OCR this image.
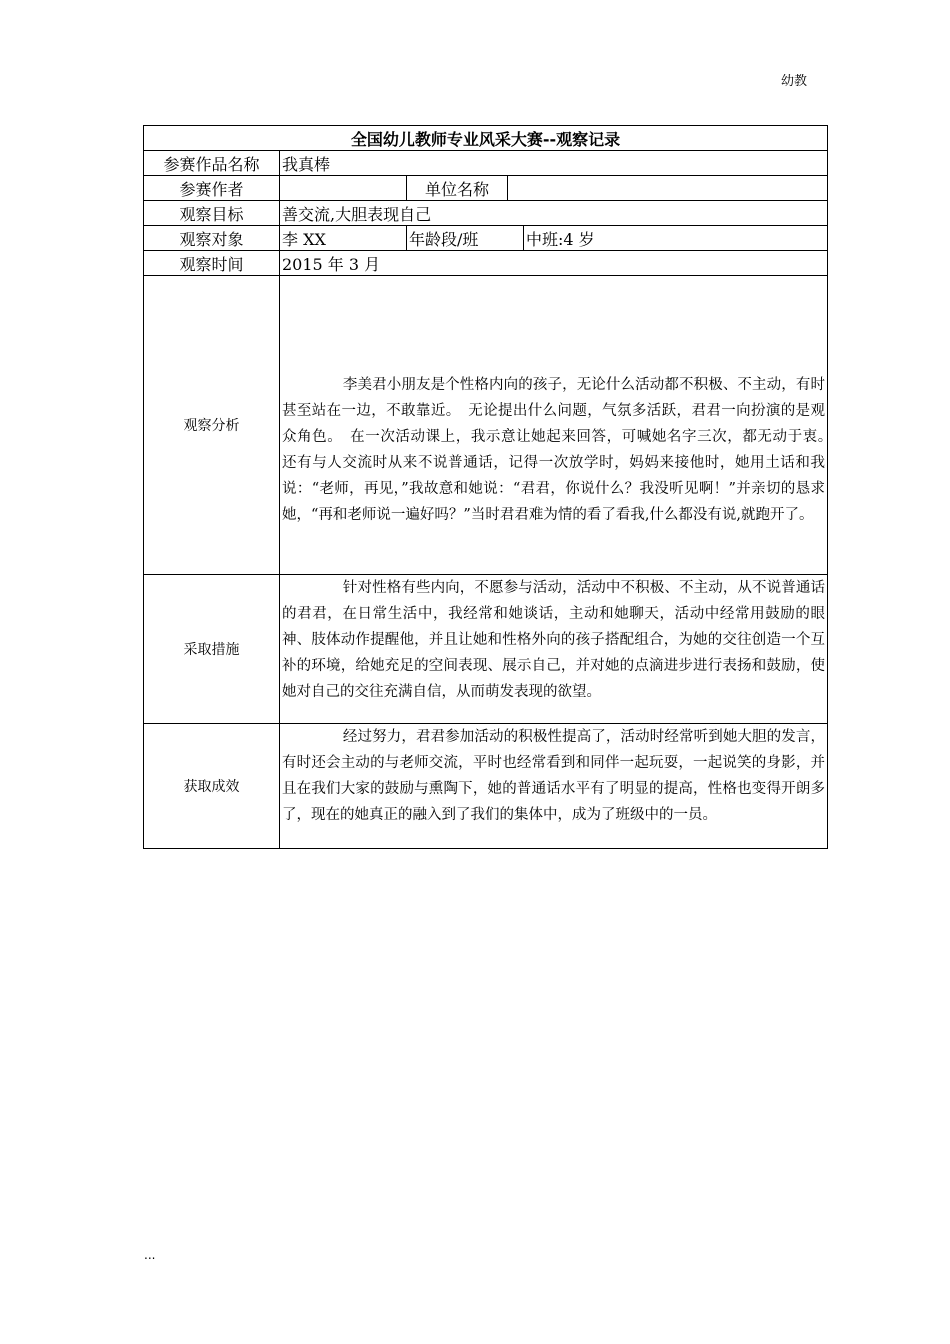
幼教
全国幼儿教师专业风采大赛--观察记录				
参赛作品名称	我真棒			
参赛作者		单位名称		
观察目标	善交流,大胆表现自己			
观察对象	李 XX	年龄段/班		中班:4 岁
观察时间	2015 年 3 月			
观察分析	李美君小朋友是个性格内向的孩子，无论什么活动都不积极、不主动，有时甚至站在一边，不敢靠近。　无论提出什么问题，气氛多活跃，君君一向扮演的是观众角色。　在一次活动课上，我示意让她起来回答，可喊她名字三次，都无动于衷。　还有与人交流时从来不说普通话，记得一次放学时，妈妈来接他时，她用土话和我说：“老师，再见，”我故意和她说：“君君，你说什么？我没听见啊！”并亲切的恳求她，“再和老师说一遍好吗？”当时君君难为情的看了看我,什么都没有说,就跑开了。			

采取措施	针对性格有些内向，不愿参与活动，活动中不积极、不主动，从不说普通话的君君，在日常生活中，我经常和她谈话，主动和她聊天，活动中经常用鼓励的眼神、肢体动作提醒他，并且让她和性格外向的孩子搭配组合，为她的交往创造一个互补的环境，给她充足的空间表现、展示自己，并对她的点滴进步进行表扬和鼓励，使她对自己的交往充满自信，从而萌发表现的欲望。			

获取成效	经过努力，君君参加活动的积极性提高了，活动时经常听到她大胆的发言，有时还会主动的与老师交流，平时也经常看到和同伴一起玩耍，一起说笑的身影，并且在我们大家的鼓励与熏陶下，她的普通话水平有了明显的提高，性格也变得开朗多了，现在的她真正的融入到了我们的集体中，成为了班级中的一员。			

...
